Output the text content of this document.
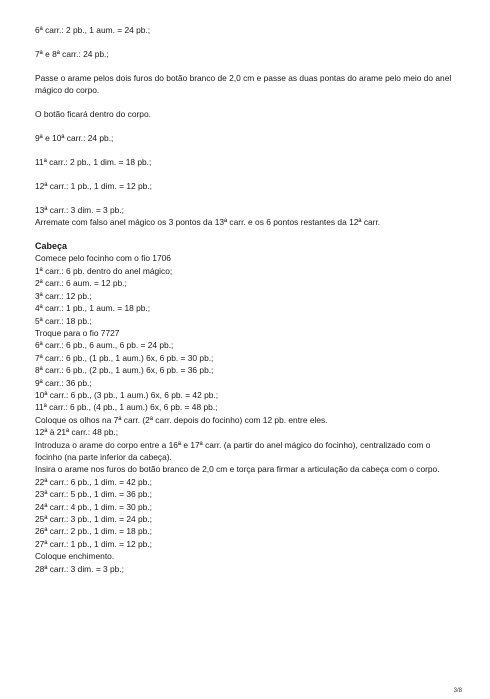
6ª carr.: 2 pb., 1 aum. = 24 pb.;

7ª e 8ª carr.: 24 pb.;

Passe o arame pelos dois furos do botão branco de 2,0 cm e passe as duas pontas do arame pelo meio do anel mágico do corpo.

O botão ficará dentro do corpo.

9ª e 10ª carr.: 24 pb.;

11ª carr.: 2 pb., 1 dim. = 18 pb.;

12ª carr.: 1 pb., 1 dim. = 12 pb.;

13ª carr.: 3 dim. = 3 pb.;

Arremate com falso anel mágico os 3 pontos da 13ª carr. e os 6 pontos restantes da 12ª carr.

Cabeça

Comece pelo focinho com o fio 1706

1ª carr.: 6 pb. dentro do anel mágico;

2ª carr.: 6 aum. = 12 pb.;

3ª carr.: 12 pb.;

4ª carr.: 1 pb., 1 aum. = 18 pb.;

5ª carr.: 18 pb.;

Troque para o fio 7727

6ª carr.: 6 pb., 6 aum., 6 pb. = 24 pb.;

7ª carr.: 6 pb., (1 pb., 1 aum.) 6x, 6 pb. = 30 pb.;

8ª carr.: 6 pb., (2 pb., 1 aum.) 6x, 6 pb. = 36 pb.;

9ª carr.: 36 pb.;

10ª carr.: 6 pb., (3 pb., 1 aum.) 6x, 6 pb. = 42 pb.;

11ª carr.: 6 pb., (4 pb., 1 aum.) 6x, 6 pb. = 48 pb.;

Coloque os olhos na 7ª carr. (2ª carr. depois do focinho) com 12 pb. entre eles.

12ª à 21ª carr.: 48 pb.;

Introduza o arame do corpo entre a 16ª e 17ª carr. (a partir do anel mágico do focinho), centralizado com o focinho (na parte inferior da cabeça).

Insira o arame nos furos do botão branco de 2,0 cm e torça para firmar a articulação da cabeça com o corpo.

22ª carr.: 6 pb., 1 dim. = 42 pb.;

23ª carr.: 5 pb., 1 dim. = 36 pb.;

24ª carr.: 4 pb., 1 dim. = 30 pb.;

25ª carr.: 3 pb., 1 dim. = 24 pb.;

26ª carr.: 2 pb., 1 dim. = 18 pb.;

27ª carr.: 1 pb., 1 dim. = 12 pb.;

Coloque enchimento.

28ª carr.: 3 dim. = 3 pb.;

3/8
